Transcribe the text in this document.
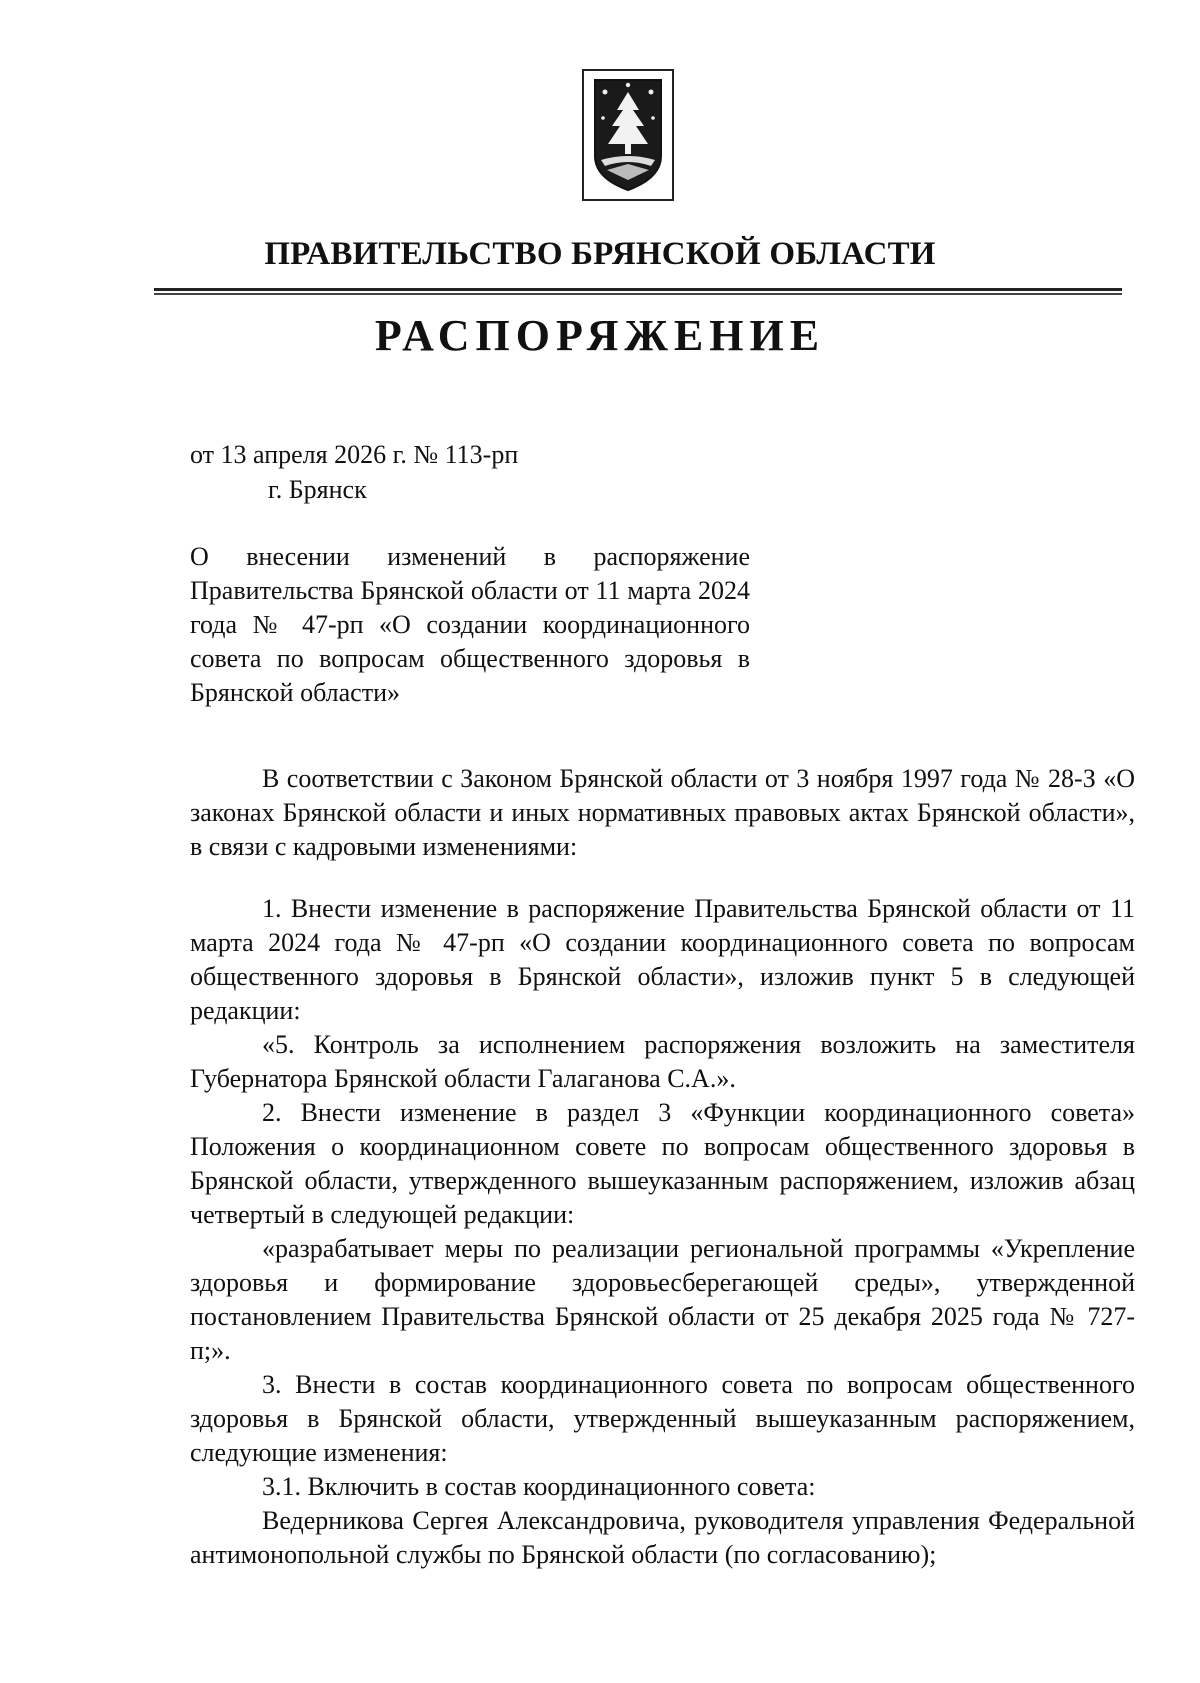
ПРАВИТЕЛЬСТВО БРЯНСКОЙ ОБЛАСТИ
РАСПОРЯЖЕНИЕ
от 13 апреля 2026 г. № 113-рп
г. Брянск
О внесении изменений в распоряжение Правительства Брянской области от 11 марта 2024 года № 47-рп «О создании координационного совета по вопросам общественного здоровья в Брянской области»

В соответствии с Законом Брянской области от 3 ноября 1997 года № 28-З «О законах Брянской области и иных нормативных правовых актах Брянской области», в связи с кадровыми изменениями:

1. Внести изменение в распоряжение Правительства Брянской области от 11 марта 2024 года № 47-рп «О создании координационного совета по вопросам общественного здоровья в Брянской области», изложив пункт 5 в следующей редакции:

«5. Контроль за исполнением распоряжения возложить на заместителя Губернатора Брянской области Галаганова С.А.».

2. Внести изменение в раздел 3 «Функции координационного совета» Положения о координационном совете по вопросам общественного здоровья в Брянской области, утвержденного вышеуказанным распоряжением, изложив абзац четвертый в следующей редакции:

«разрабатывает меры по реализации региональной программы «Укрепление здоровья и формирование здоровьесберегающей среды», утвержденной постановлением Правительства Брянской области от 25 декабря 2025 года № 727-п;».

3. Внести в состав координационного совета по вопросам общественного здоровья в Брянской области, утвержденный вышеуказанным распоряжением, следующие изменения:

3.1. Включить в состав координационного совета:

Ведерникова Сергея Александровича, руководителя управления Федеральной антимонопольной службы по Брянской области (по согласованию);
